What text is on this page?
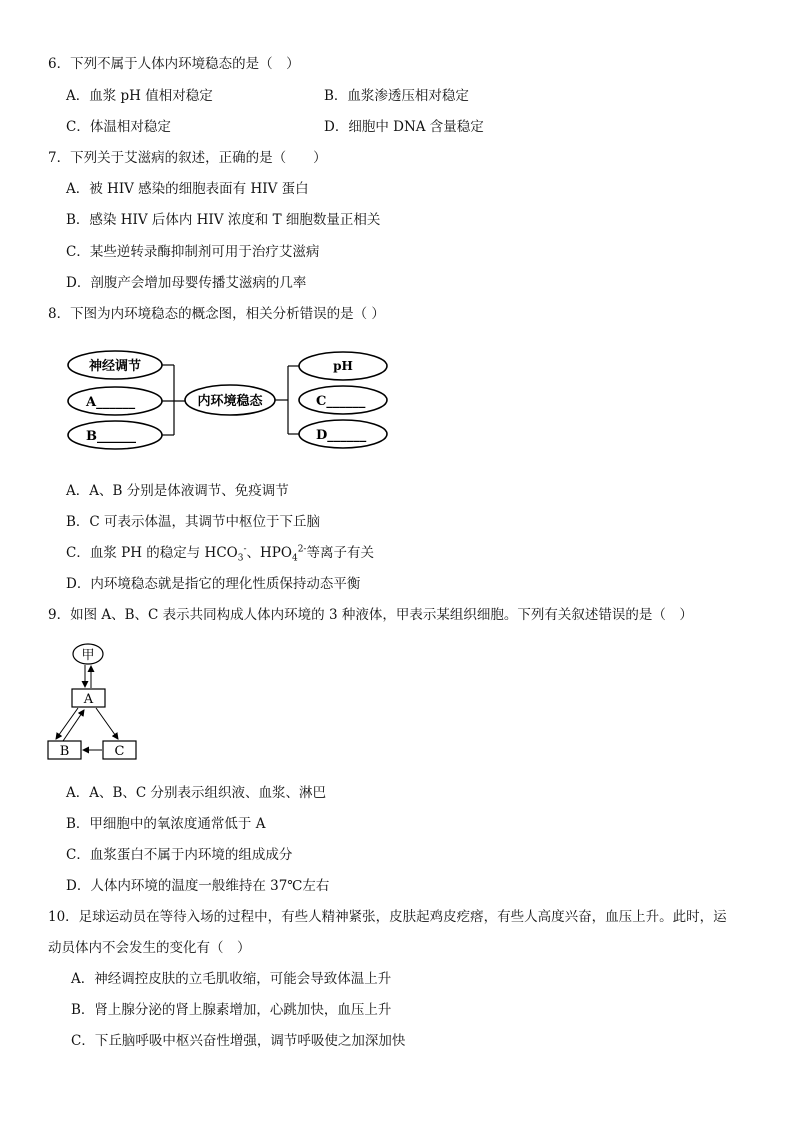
6．下列不属于人体内环境稳态的是（　）
A．血浆 pH 值相对稳定	B．血浆渗透压相对稳定
C．体温相对稳定	D．细胞中 DNA 含量稳定
7．下列关于艾滋病的叙述，正确的是（　　）
A．被 HIV 感染的细胞表面有 HIV 蛋白
B．感染 HIV 后体内 HIV 浓度和 T 细胞数量正相关
C．某些逆转录酶抑制剂可用于治疗艾滋病
D．剖腹产会增加母婴传播艾滋病的几率
8．下图为内环境稳态的概念图，相关分析错误的是（ ）
神经调节
A______
B______
内环境稳态
pH
C______
D______
A．A、B 分别是体液调节、免疫调节
B．C 可表示体温，其调节中枢位于下丘脑
C．血浆 PH 的稳定与 $HCO_3^-$、$HPO_4^{2-}$等离子有关
D．内环境稳态就是指它的理化性质保持动态平衡
9．如图 A、B、C 表示共同构成人体内环境的 3 种液体，甲表示某组织细胞。下列有关叙述错误的是（　）
甲
A
B	C
A．A、B、C 分别表示组织液、血浆、淋巴
B．甲细胞中的氧浓度通常低于 A
C．血浆蛋白不属于内环境的组成成分
D．人体内环境的温度一般维持在 37℃左右
10．足球运动员在等待入场的过程中，有些人精神紧张，皮肤起鸡皮疙瘩，有些人高度兴奋，血压上升。此时，运
动员体内不会发生的变化有（　）
A．神经调控皮肤的立毛肌收缩，可能会导致体温上升
B．肾上腺分泌的肾上腺素增加，心跳加快，血压上升
C．下丘脑呼吸中枢兴奋性增强，调节呼吸使之加深加快
